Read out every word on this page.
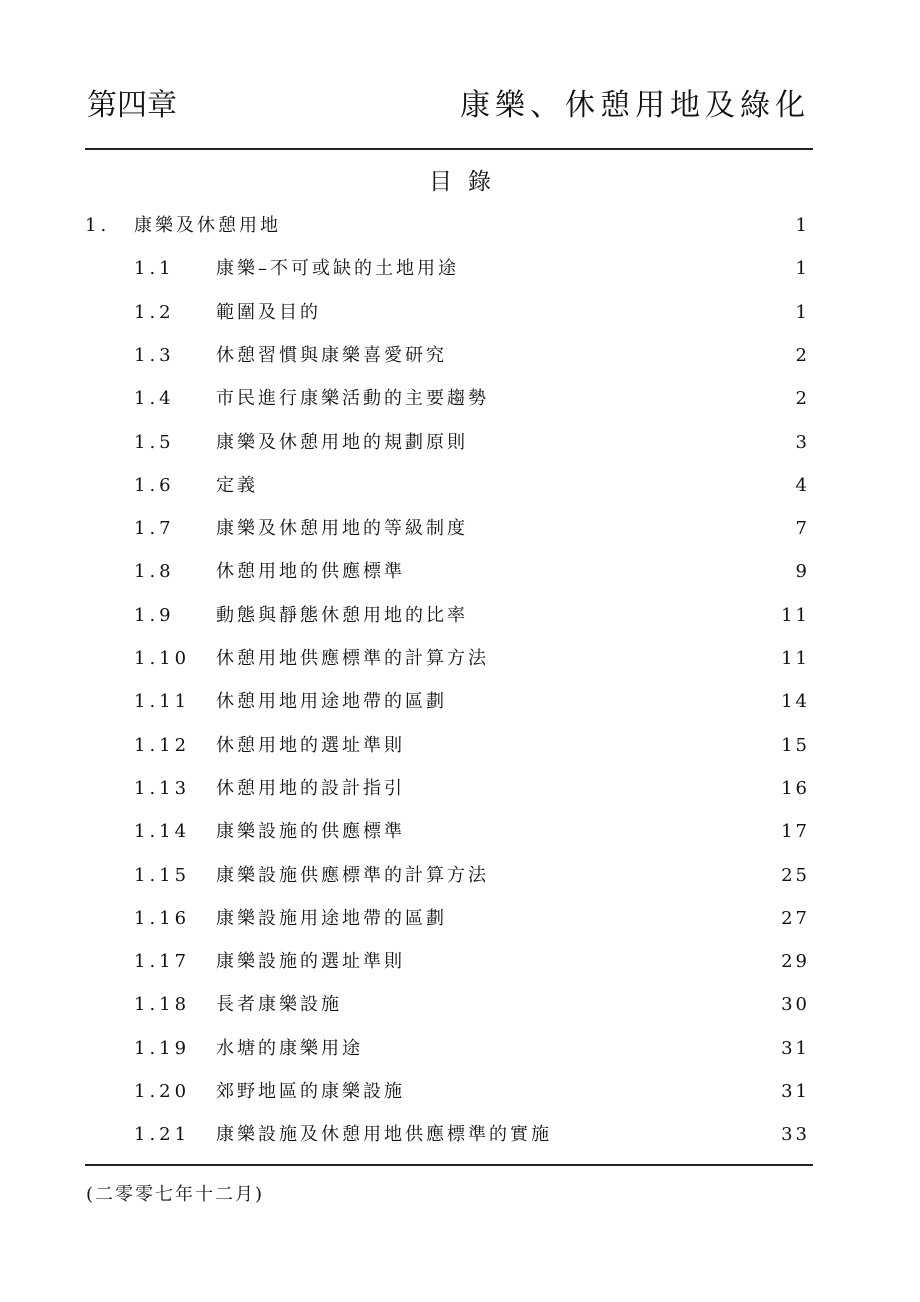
第四章	康樂、休憩用地及綠化
目錄
1. 康樂及休憩用地	1
1.1 康樂–不可或缺的土地用途	1
1.2 範圍及目的	1
1.3 休憩習慣與康樂喜愛研究	2
1.4 市民進行康樂活動的主要趨勢	2
1.5 康樂及休憩用地的規劃原則	3
1.6 定義	4
1.7 康樂及休憩用地的等級制度	7
1.8 休憩用地的供應標準	9
1.9 動態與靜態休憩用地的比率	11
1.10 休憩用地供應標準的計算方法	11
1.11 休憩用地用途地帶的區劃	14
1.12 休憩用地的選址準則	15
1.13 休憩用地的設計指引	16
1.14 康樂設施的供應標準	17
1.15 康樂設施供應標準的計算方法	25
1.16 康樂設施用途地帶的區劃	27
1.17 康樂設施的選址準則	29
1.18 長者康樂設施	30
1.19 水塘的康樂用途	31
1.20 郊野地區的康樂設施	31
1.21 康樂設施及休憩用地供應標準的實施	33
(二零零七年十二月)
